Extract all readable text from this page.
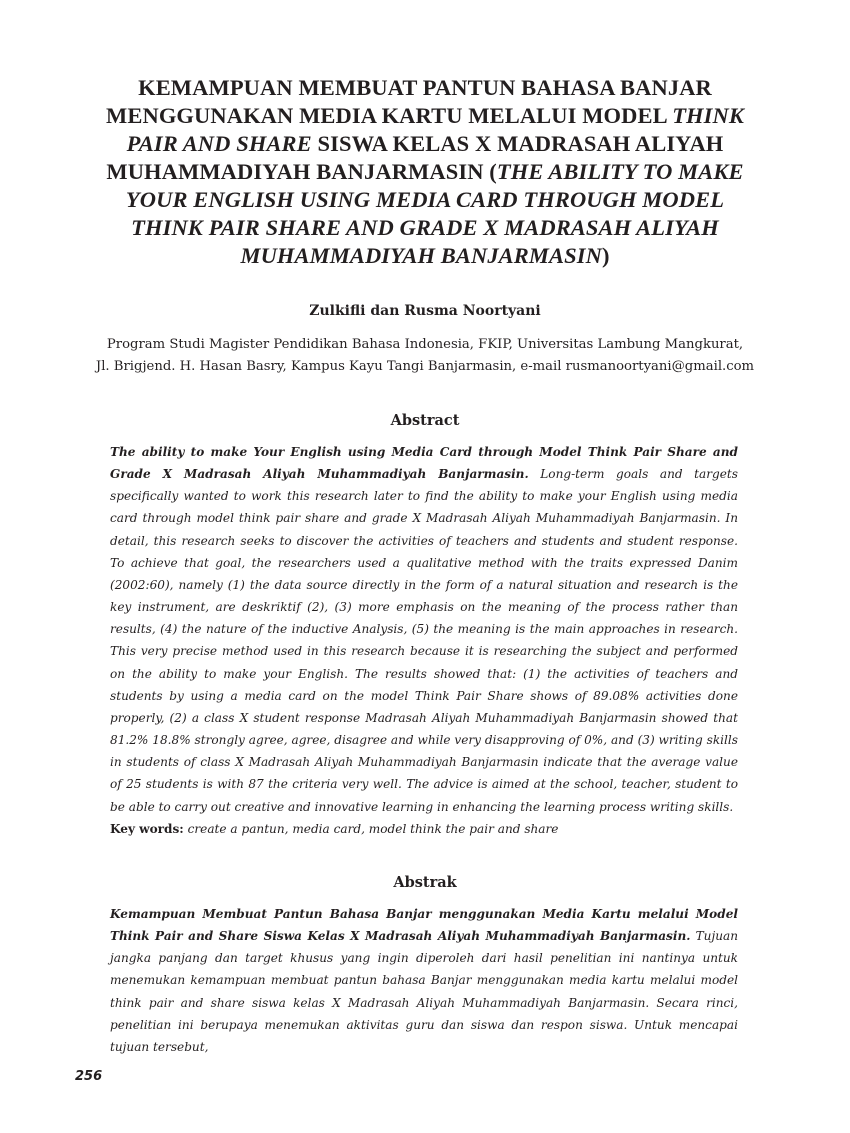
KEMAMPUAN MEMBUAT PANTUN BAHASA BANJAR
MENGGUNAKAN MEDIA KARTU MELALUI MODEL THINK
PAIR AND SHARE SISWA KELAS X MADRASAH ALIYAH
MUHAMMADIYAH BANJARMASIN (THE ABILITY TO MAKE
YOUR ENGLISH USING MEDIA CARD THROUGH MODEL
THINK PAIR SHARE AND GRADE X MADRASAH ALIYAH
MUHAMMADIYAH BANJARMASIN)
Zulkifli dan Rusma Noortyani
Program Studi Magister Pendidikan Bahasa Indonesia, FKIP, Universitas Lambung Mangkurat,
Jl. Brigjend. H. Hasan Basry, Kampus Kayu Tangi Banjarmasin, e-mail rusmanoortyani@gmail.com
Abstract
The ability to make Your English using Media Card through Model Think Pair Share and Grade X Madrasah Aliyah Muhammadiyah Banjarmasin. Long-term goals and targets specifically wanted to work this research later to find the ability to make your English using media card through model think pair share and grade X Madrasah Aliyah Muhammadiyah Banjarmasin. In detail, this research seeks to discover the activities of teachers and students and student response. To achieve that goal, the researchers used a qualitative method with the traits expressed Danim (2002:60), namely (1) the data source directly in the form of a natural situation and research is the key instrument, are deskriktif (2), (3) more emphasis on the meaning of the process rather than results, (4) the nature of the inductive Analysis, (5) the meaning is the main approaches in research. This very precise method used in this research because it is researching the subject and performed on the ability to make your English. The results showed that: (1) the activities of teachers and students by using a media card on the model Think Pair Share shows of 89.08% activities done properly, (2) a class X student response Madrasah Aliyah Muhammadiyah Banjarmasin showed that 81.2% 18.8% strongly agree, agree, disagree and while very disapproving of 0%, and (3) writing skills in students of class X Madrasah Aliyah Muhammadiyah Banjarmasin indicate that the average value of 25 students is with 87 the criteria very well. The advice is aimed at the school, teacher, student to be able to carry out creative and innovative learning in enhancing the learning process writing skills.
Key words: create a pantun, media card, model think the pair and share
Abstrak
Kemampuan Membuat Pantun Bahasa Banjar menggunakan Media Kartu melalui Model Think Pair and Share Siswa Kelas X Madrasah Aliyah Muhammadiyah Banjarmasin. Tujuan jangka panjang dan target khusus yang ingin diperoleh dari hasil penelitian ini nantinya untuk menemukan kemampuan membuat pantun bahasa Banjar menggunakan media kartu melalui model think pair and share siswa kelas X Madrasah Aliyah Muhammadiyah Banjarmasin. Secara rinci, penelitian ini berupaya menemukan aktivitas guru dan siswa dan respon siswa. Untuk mencapai tujuan tersebut,
256
